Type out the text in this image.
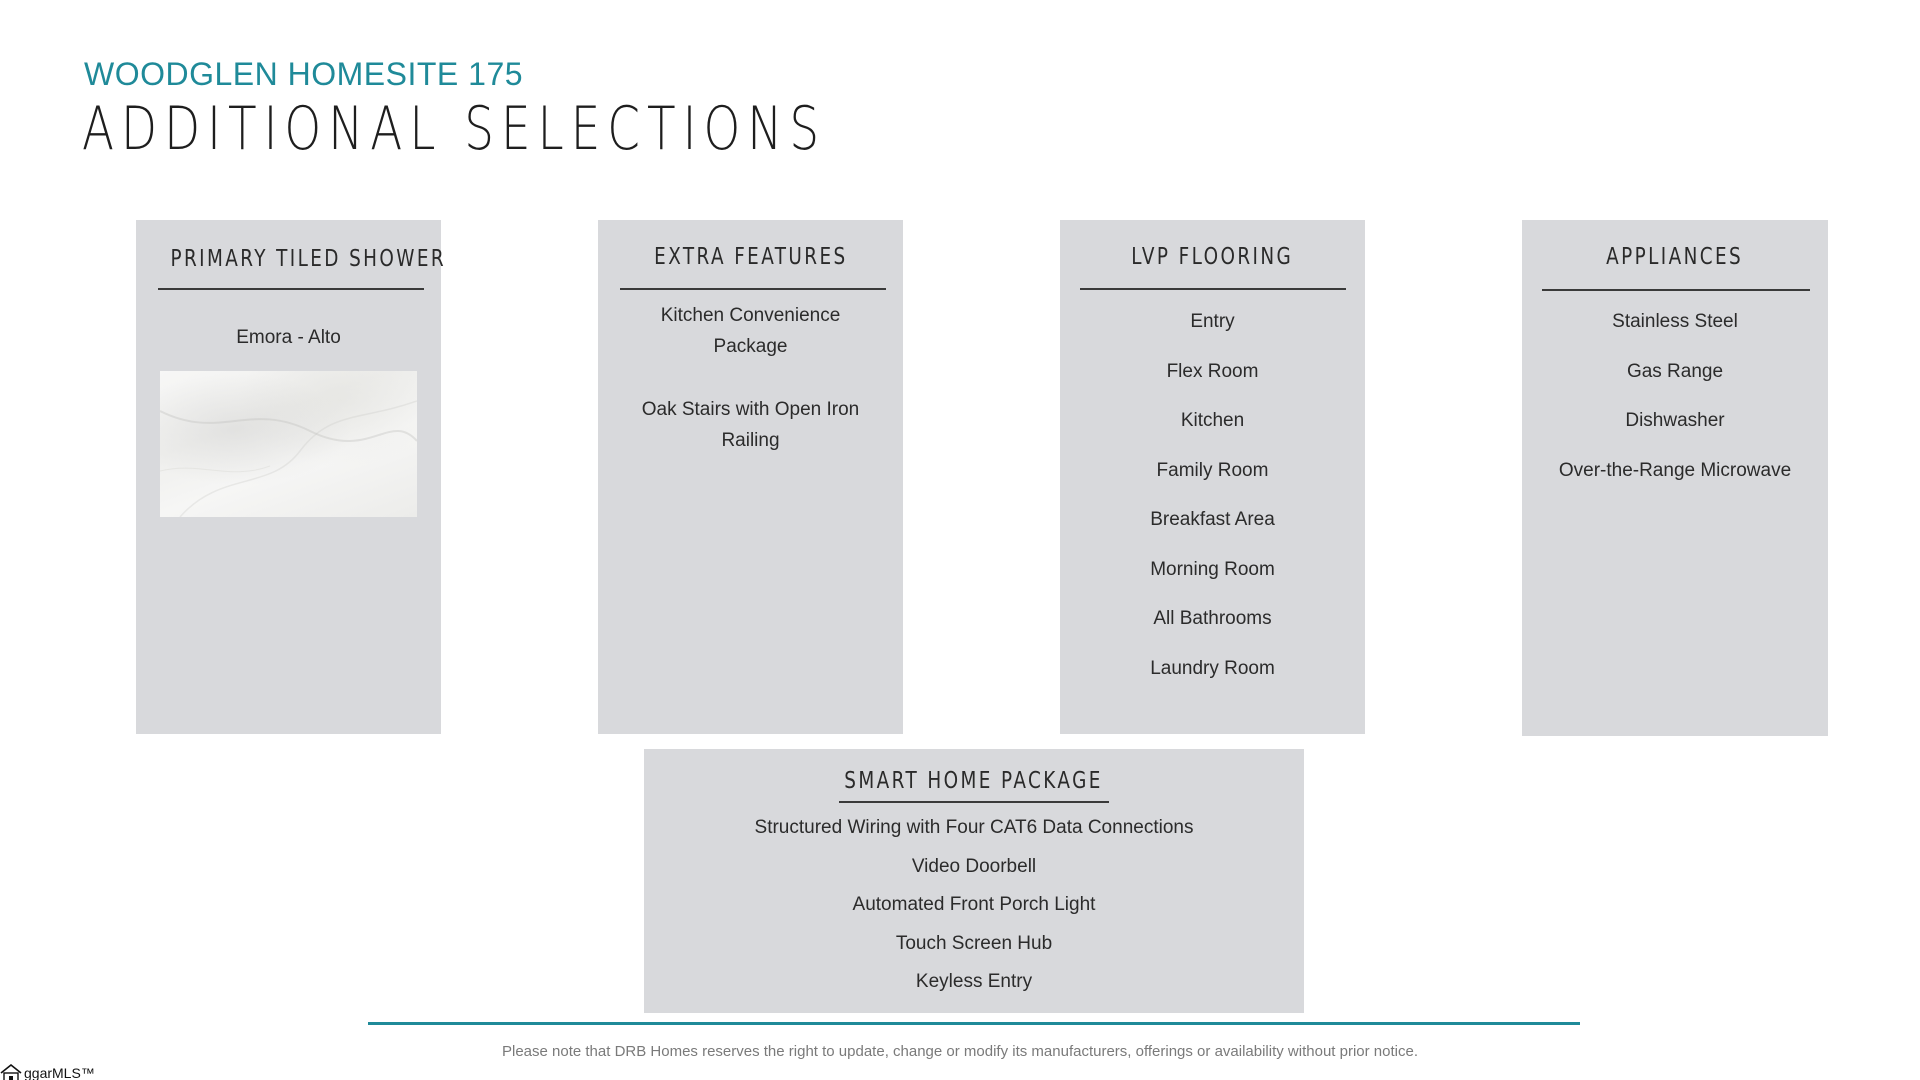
WOODGLEN HOMESITE 175
ADDITIONAL SELECTIONS
PRIMARY TILED SHOWER
Emora - Alto
EXTRA FEATURES
Kitchen Convenience
Package
Oak Stairs with Open Iron
Railing
LVP FLOORING
Entry
Flex Room
Kitchen
Family Room
Breakfast Area
Morning Room
All Bathrooms
Laundry Room
APPLIANCES
Stainless Steel
Gas Range
Dishwasher
Over-the-Range Microwave
SMART HOME PACKAGE
Structured Wiring with Four CAT6 Data Connections
Video Doorbell
Automated Front Porch Light
Touch Screen Hub
Keyless Entry
Please note that DRB Homes reserves the right to update, change or modify its manufacturers, offerings or availability without prior notice.
ggarMLS™
